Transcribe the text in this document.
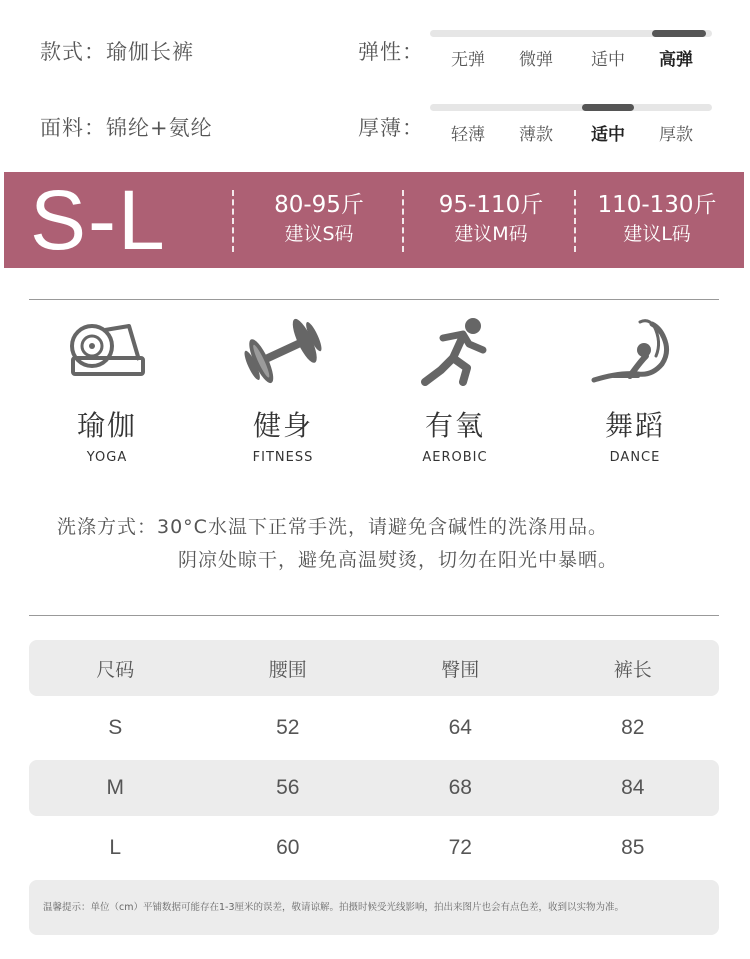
款式：瑜伽长裤
面料：锦纶+氨纶
弹性：	无弹	微弹	适中	高弹
厚薄：	轻薄	薄款	适中	厚款
S-L	80-95斤
建议S码
95-110斤
建议M码
110-130斤
建议L码
瑜伽
YOGA
健身
FITNESS
有氧
AEROBIC
舞蹈
DANCE
洗涤方式：30°C水温下正常手洗，请避免含碱性的洗涤用品。
阴凉处晾干，避免高温熨烫，切勿在阳光中暴晒。
尺码	腰围	臀围	裤长
S	52	64	82
M	56	68	84
L	60	72	85
温馨提示：单位（cm）平铺数据可能存在1-3厘米的误差，敬请谅解。拍摄时候受光线影响，拍出来图片也会有点色差，收到以实物为准。
